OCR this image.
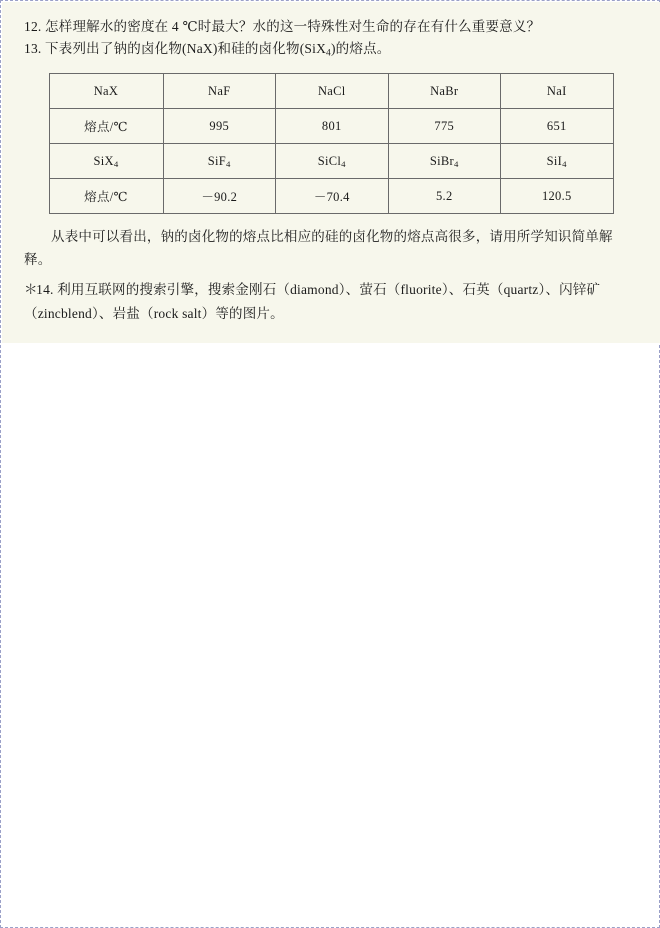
12. 怎样理解水的密度在 4 ℃时最大？水的这一特殊性对生命的存在有什么重要意义？
13. 下表列出了钠的卤化物(NaX)和硅的卤化物(SiX$_4$)的熔点。
NaX	NaF	NaCl	NaBr	NaI
熔点/℃	995	801	775	651
SiX$_4$	SiF$_4$	SiCl$_4$	SiBr$_4$	SiI$_4$
熔点/℃	－90.2	－70.4	5.2	120.5
从表中可以看出，钠的卤化物的熔点比相应的硅的卤化物的熔点高很多，请用所学知识简单解释。
＊14. 利用互联网的搜索引擎，搜索金刚石（diamond）、萤石（fluorite）、石英（quartz）、闪锌矿（zincblend）、岩盐（rock salt）等的图片。
